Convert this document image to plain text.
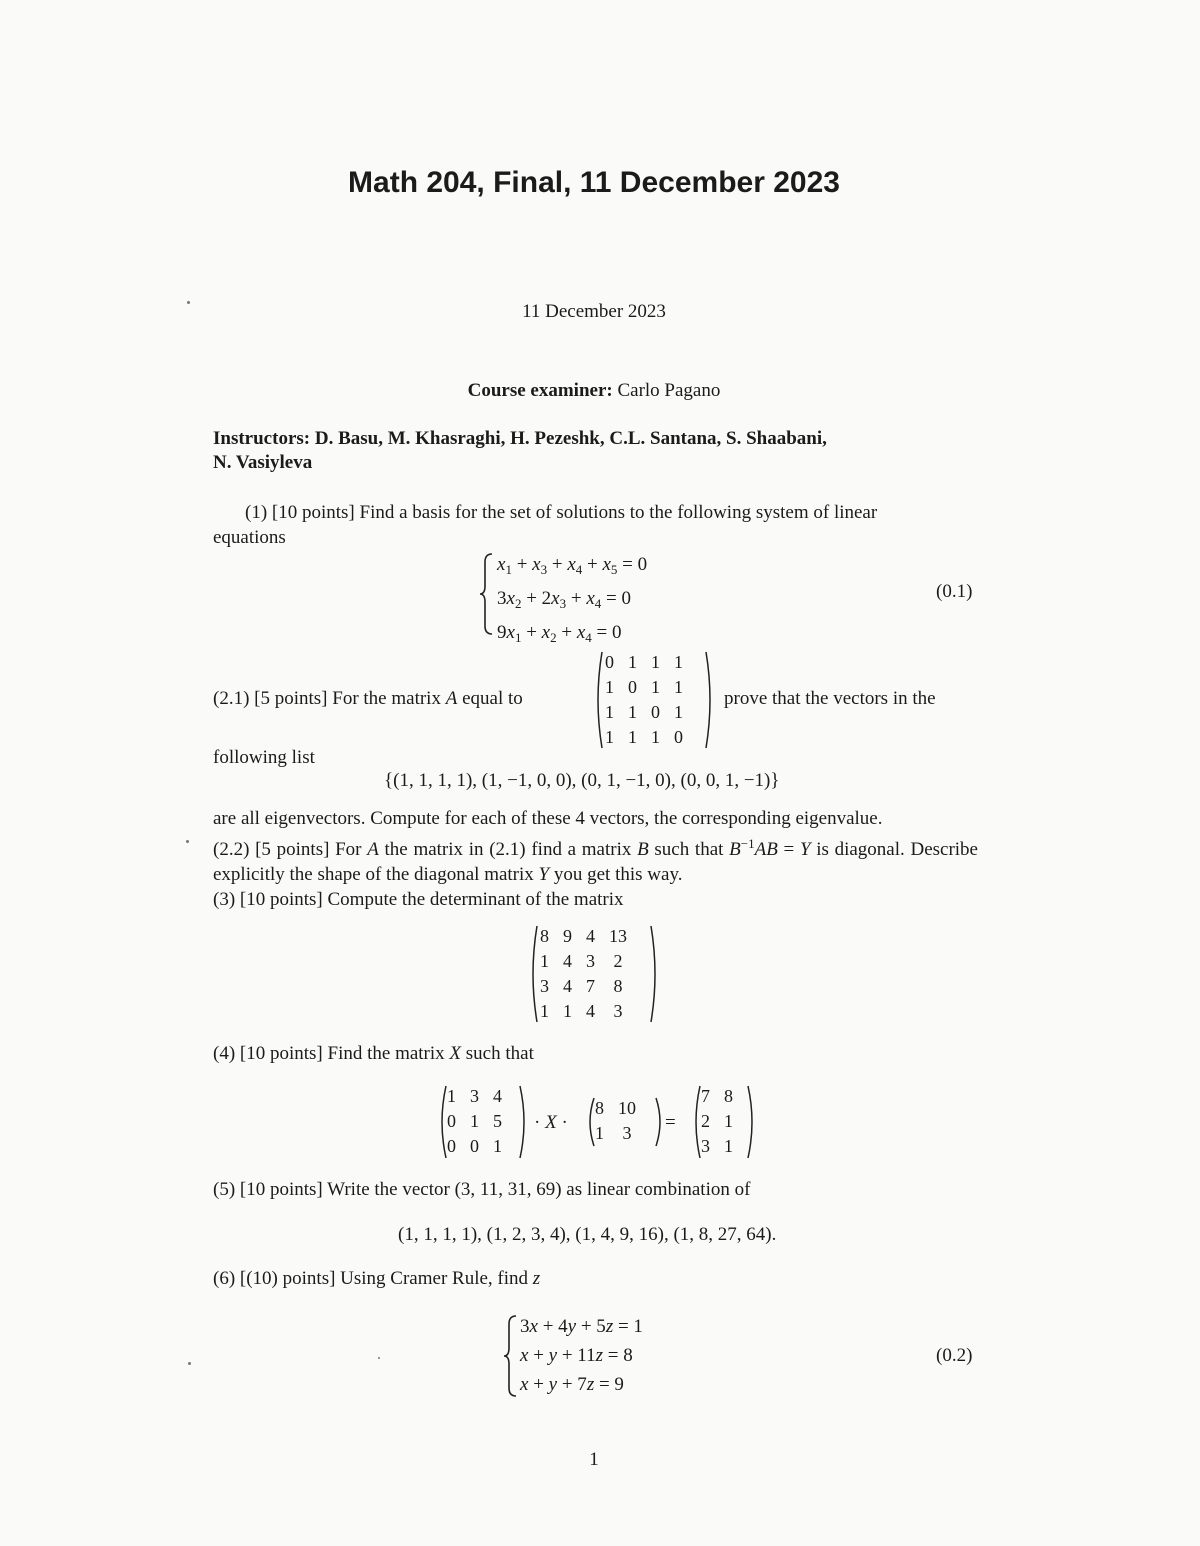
Math 204, Final, 11 December 2023
11 December 2023
Course examiner: Carlo Pagano
Instructors: D. Basu, M. Khasraghi, H. Pezeshk, C.L. Santana, S. Shaabani,
N. Vasiyleva
(1) [10 points] Find a basis for the set of solutions to the following system of linear
equations
$x_1 + x_3 + x_4 + x_5 = 0$
$3x_2 + 2x_3 + x_4 = 0$
$9x_1 + x_2 + x_4 = 0$
(0.1)
(2.1) [5 points] For the matrix A equal to
0	1	1	1
1	0	1	1
1	1	0	1
1	1	1	0
prove that the vectors in the
following list
{(1, 1, 1, 1), (1, −1, 0, 0), (0, 1, −1, 0), (0, 0, 1, −1)}
are all eigenvectors. Compute for each of these 4 vectors, the corresponding eigenvalue.
(2.2) [5 points] For A the matrix in (2.1) find a matrix B such that $B^{-1}AB = Y$ is diagonal. Describe explicitly the shape of the diagonal matrix Y you get this way.
(3) [10 points] Compute the determinant of the matrix
8	9	4	13
1	4	3	2
3	4	7	8
1	1	4	3
(4) [10 points] Find the matrix X such that
1	3	4
0	1	5
0	0	1
· X ·
8	10
1	3 =
7	8
2	1
3	1
(5) [10 points] Write the vector (3, 11, 31, 69) as linear combination of
(1, 1, 1, 1), (1, 2, 3, 4), (1, 4, 9, 16), (1, 8, 27, 64).
(6) [(10) points] Using Cramer Rule, find z
3x + 4y + 5z = 1
x + y + 11z = 8
x + y + 7z = 9
(0.2)
1
